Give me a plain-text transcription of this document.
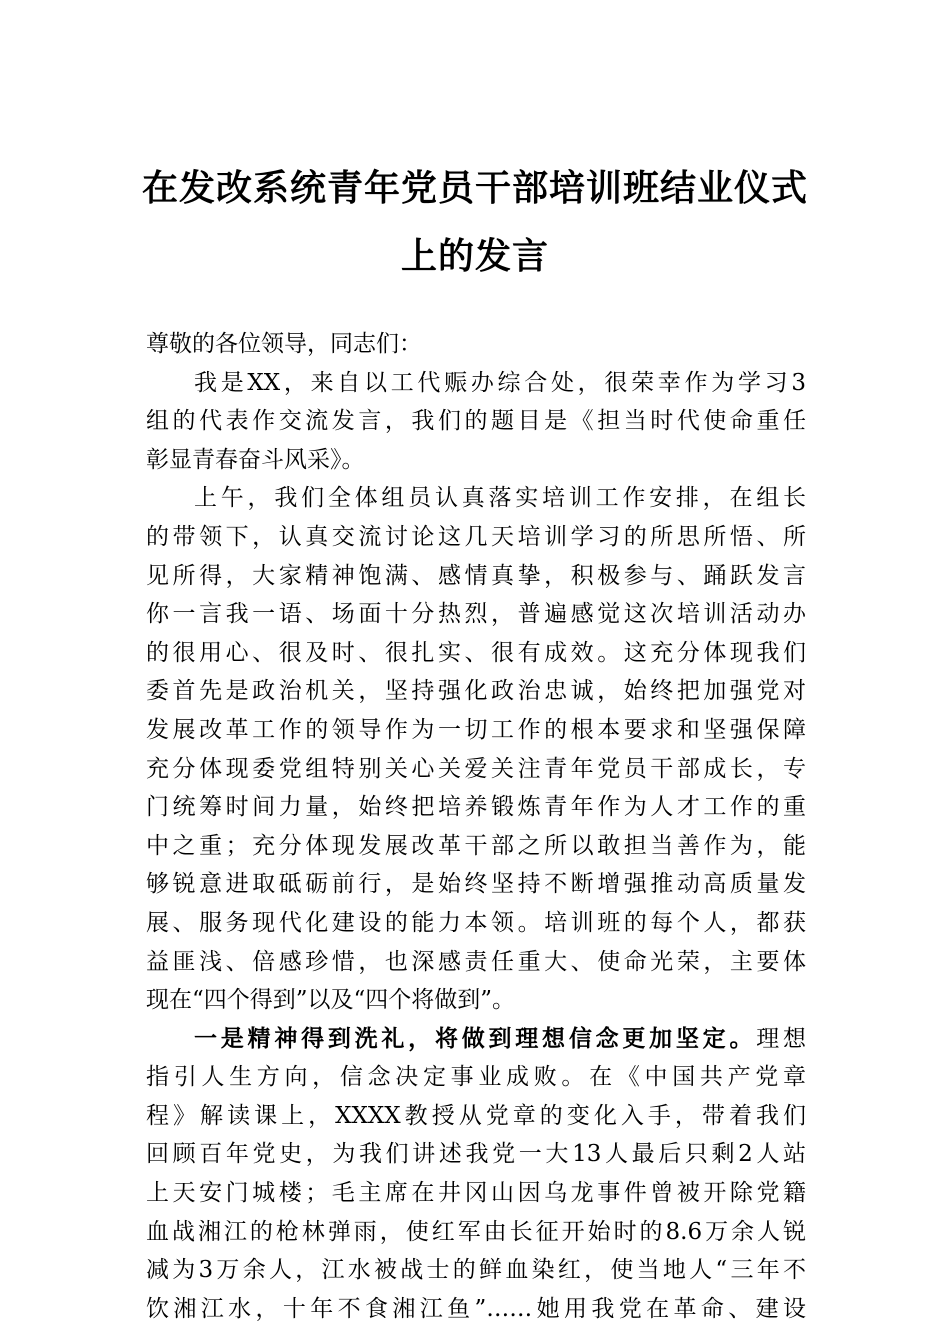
在发改系统青年党员干部培训班结业仪式
上的发言
尊敬的各位领导，同志们：
我是XX，来自以工代赈办综合处，很荣幸作为学习3
组的代表作交流发言，我们的题目是《担当时代使命重任
彰显青春奋斗风采》。
上午，我们全体组员认真落实培训工作安排，在组长
的带领下，认真交流讨论这几天培训学习的所思所悟、所
见所得，大家精神饱满、感情真挚，积极参与、踊跃发言
你一言我一语、场面十分热烈，普遍感觉这次培训活动办
的很用心、很及时、很扎实、很有成效。这充分体现我们
委首先是政治机关，坚持强化政治忠诚，始终把加强党对
发展改革工作的领导作为一切工作的根本要求和坚强保障
充分体现委党组特别关心关爱关注青年党员干部成长，专
门统筹时间力量，始终把培养锻炼青年作为人才工作的重
中之重；充分体现发展改革干部之所以敢担当善作为，能
够锐意进取砥砺前行，是始终坚持不断增强推动高质量发
展、服务现代化建设的能力本领。培训班的每个人，都获
益匪浅、倍感珍惜，也深感责任重大、使命光荣，主要体
现在“四个得到”以及“四个将做到”。
一是精神得到洗礼，将做到理想信念更加坚定。理想
指引人生方向，信念决定事业成败。在《中国共产党章
程》解读课上，XXXX教授从党章的变化入手，带着我们
回顾百年党史，为我们讲述我党一大13人最后只剩2人站
上天安门城楼；毛主席在井冈山因乌龙事件曾被开除党籍
血战湘江的枪林弹雨，使红军由长征开始时的8.6万余人锐
减为3万余人，江水被战士的鲜血染红，使当地人“三年不
饮湘江水，十年不食湘江鱼”……她用我党在革命、建设
